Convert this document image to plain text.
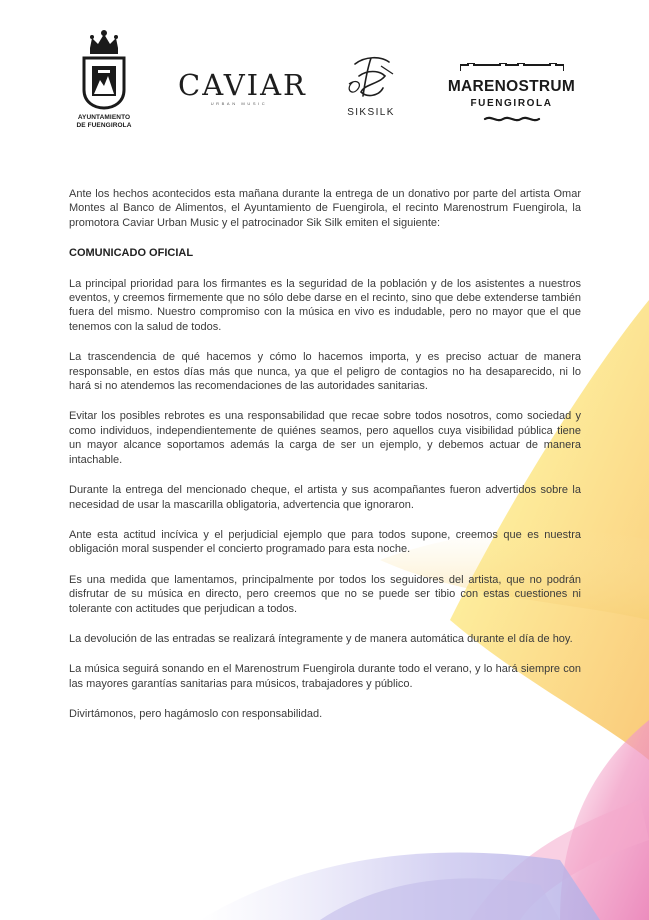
AYUNTAMIENTO
DE FUENGIROLA
CAVIAR
URBAN MUSIC
SIKSILK
MARENOSTRUM
FUENGIROLA

Ante los hechos acontecidos esta mañana durante la entrega de un donativo por parte del artista Omar Montes al Banco de Alimentos, el Ayuntamiento de Fuengirola, el recinto Marenostrum Fuengirola, la promotora Caviar Urban Music y el patrocinador Sik Silk emiten el siguiente:

COMUNICADO OFICIAL

La principal prioridad para los firmantes es la seguridad de la población y de los asistentes a nuestros eventos, y creemos firmemente que no sólo debe darse en el recinto, sino que debe extenderse también fuera del mismo. Nuestro compromiso con la música en vivo es indudable, pero no mayor que el que tenemos con la salud de todos.

La trascendencia de qué hacemos y cómo lo hacemos importa, y es preciso actuar de manera responsable, en estos días más que nunca, ya que el peligro de contagios no ha desaparecido, ni lo hará si no atendemos las recomendaciones de las autoridades sanitarias.

Evitar los posibles rebrotes es una responsabilidad que recae sobre todos nosotros, como sociedad y como individuos, independientemente de quiénes seamos, pero aquellos cuya visibilidad pública tiene un mayor alcance soportamos además la carga de ser un ejemplo, y debemos actuar de manera intachable.

Durante la entrega del mencionado cheque, el artista y sus acompañantes fueron advertidos sobre la necesidad de usar la mascarilla obligatoria, advertencia que ignoraron.

Ante esta actitud incívica y el perjudicial ejemplo que para todos supone, creemos que es nuestra obligación moral suspender el concierto programado para esta noche.

Es una medida que lamentamos, principalmente por todos los seguidores del artista, que no podrán disfrutar de su música en directo, pero creemos que no se puede ser tibio con estas cuestiones ni tolerante con actitudes que perjudican a todos.

La devolución de las entradas se realizará íntegramente y de manera automática durante el día de hoy.

La música seguirá sonando en el Marenostrum Fuengirola durante todo el verano, y lo hará siempre con las mayores garantías sanitarias para músicos, trabajadores y público.

Divirtámonos, pero hagámoslo con responsabilidad.
